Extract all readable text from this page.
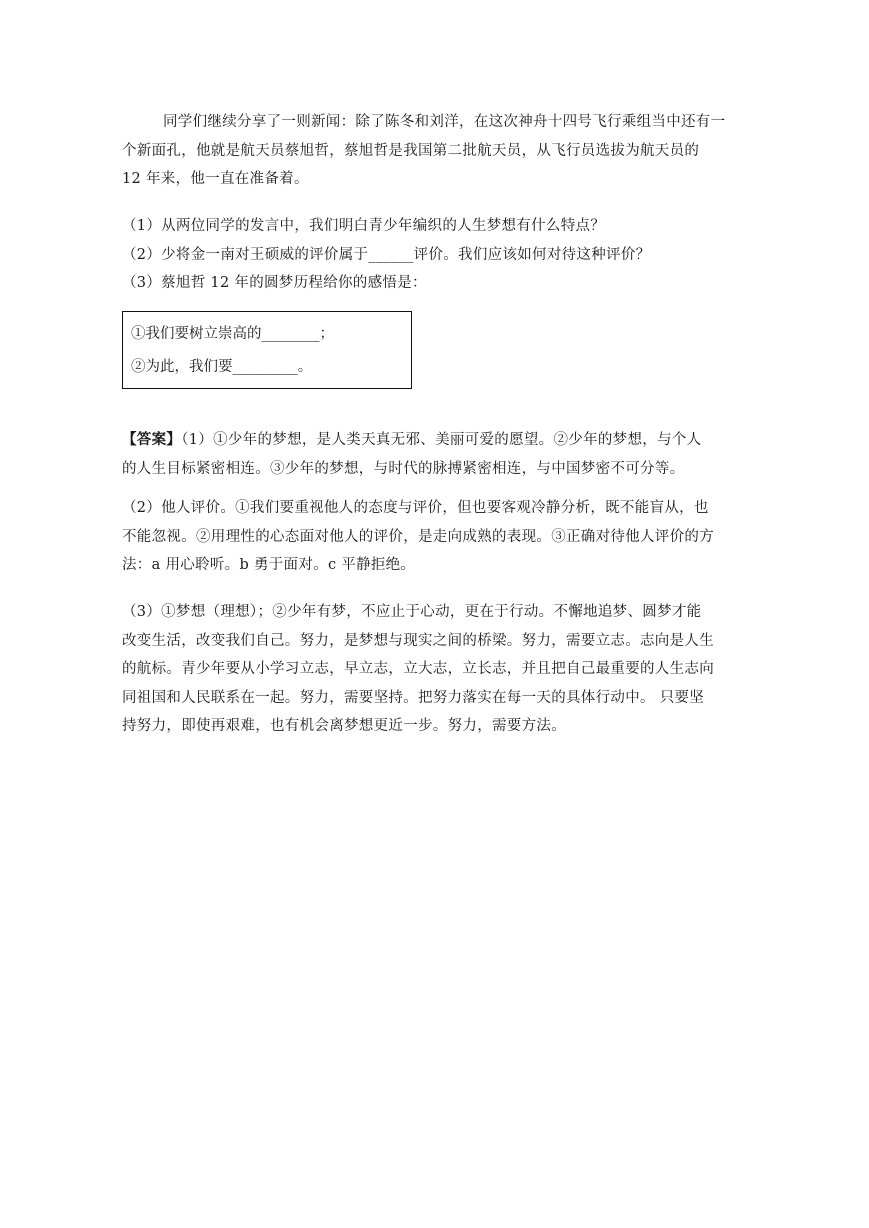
同学们继续分享了一则新闻：除了陈冬和刘洋，在这次神舟十四号飞行乘组当中还有一
个新面孔，他就是航天员蔡旭哲，蔡旭哲是我国第二批航天员，从飞行员选拔为航天员的
12 年来，他一直在准备着。
（1）从两位同学的发言中，我们明白青少年编织的人生梦想有什么特点？
（2）少将金一南对王硕威的评价属于______评价。我们应该如何对待这种评价？
（3）蔡旭哲 12 年的圆梦历程给你的感悟是：
①我们要树立崇高的________；
②为此，我们要_________。
【答案】（1）①少年的梦想，是人类天真无邪、美丽可爱的愿望。②少年的梦想，与个人
的人生目标紧密相连。③少年的梦想，与时代的脉搏紧密相连，与中国梦密不可分等。
（2）他人评价。①我们要重视他人的态度与评价，但也要客观冷静分析，既不能盲从，也
不能忽视。②用理性的心态面对他人的评价，是走向成熟的表现。③正确对待他人评价的方
法：a 用心聆听。b 勇于面对。c 平静拒绝。
（3）①梦想（理想）；②少年有梦，不应止于心动，更在于行动。不懈地追梦、圆梦才能
改变生活，改变我们自己。努力，是梦想与现实之间的桥梁。努力，需要立志。志向是人生
的航标。青少年要从小学习立志，早立志，立大志，立长志，并且把自己最重要的人生志向
同祖国和人民联系在一起。努力，需要坚持。把努力落实在每一天的具体行动中。 只要坚
持努力，即使再艰难，也有机会离梦想更近一步。努力，需要方法。
